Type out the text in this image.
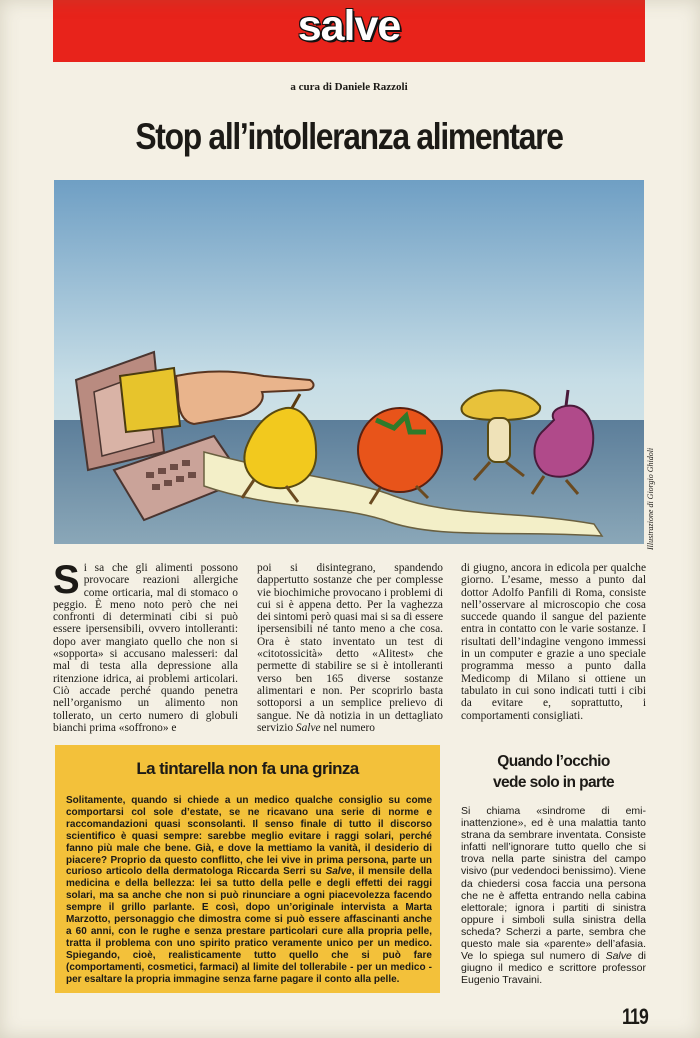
salve
a cura di Daniele Razzoli
Stop all’intolleranza alimentare
Illustrazione di Giorgio Ghidoli
Si sa che gli alimenti possono provocare reazioni allergiche come orticaria, mal di stomaco o peggio. È meno noto però che nei confronti di determinati cibi si può essere ipersensibili, ovvero intolleranti: dopo aver mangiato quello che non si «sopporta» si accusano malesseri: dal mal di testa alla depressione alla ritenzione idrica, ai problemi articolari. Ciò accade perché quando penetra nell’organismo un alimento non tollerato, un certo numero di globuli bianchi prima «soffrono» e
poi si disintegrano, spandendo dappertutto sostanze che per complesse vie biochimiche provocano i problemi di cui si è appena detto. Per la vaghezza dei sintomi però quasi mai si sa di essere ipersensibili né tanto meno a che cosa. Ora è stato inventato un test di «citotossicità» detto «Alitest» che permette di stabilire se si è intolleranti verso ben 165 diverse sostanze alimentari e non. Per scoprirlo basta sottoporsi a un semplice prelievo di sangue. Ne dà notizia in un dettagliato servizio Salve nel numero
di giugno, ancora in edicola per qualche giorno. L’esame, messo a punto dal dottor Adolfo Panfili di Roma, consiste nell’osservare al microscopio che cosa succede quando il sangue del paziente entra in contatto con le varie sostanze. I risultati dell’indagine vengono immessi in un computer e grazie a uno speciale programma messo a punto dalla Medicomp di Milano si ottiene un tabulato in cui sono indicati tutti i cibi da evitare e, soprattutto, i comportamenti consigliati.
La tintarella non fa una grinza
Solitamente, quando si chiede a un medico qualche consiglio su come comportarsi col sole d’estate, se ne ricavano una serie di norme e raccomandazioni quasi sconsolanti. Il senso finale di tutto il discorso scientifico è quasi sempre: sarebbe meglio evitare i raggi solari, perché fanno più male che bene. Già, e dove la mettiamo la vanità, il desiderio di piacere? Proprio da questo conflitto, che lei vive in prima persona, parte un curioso articolo della dermatologa Riccarda Serri su Salve, il mensile della medicina e della bellezza: lei sa tutto della pelle e degli effetti dei raggi solari, ma sa anche che non si può rinunciare a ogni piacevolezza facendo sempre il grillo parlante. E così, dopo un’originale intervista a Marta Marzotto, personaggio che dimostra come si può essere affascinanti anche a 60 anni, con le rughe e senza prestare particolari cure alla propria pelle, tratta il problema con uno spirito pratico veramente unico per un medico. Spiegando, cioè, realisticamente tutto quello che si può fare (comportamenti, cosmetici, farmaci) al limite del tollerabile - per un medico - per esaltare la propria immagine senza farne pagare il conto alla pelle.
Quando l’occhio
vede solo in parte
Si chiama «sindrome di emi-inattenzione», ed è una malattia tanto strana da sembrare inventata. Consiste infatti nell’ignorare tutto quello che si trova nella parte sinistra del campo visivo (pur vedendoci benissimo). Viene da chiedersi cosa faccia una persona che ne è affetta entrando nella cabina elettorale; ignora i partiti di sinistra oppure i simboli sulla sinistra della scheda? Scherzi a parte, sembra che questo male sia «parente» dell’afasia. Ve lo spiega sul numero di Salve di giugno il medico e scrittore professor Eugenio Travaini.
119
